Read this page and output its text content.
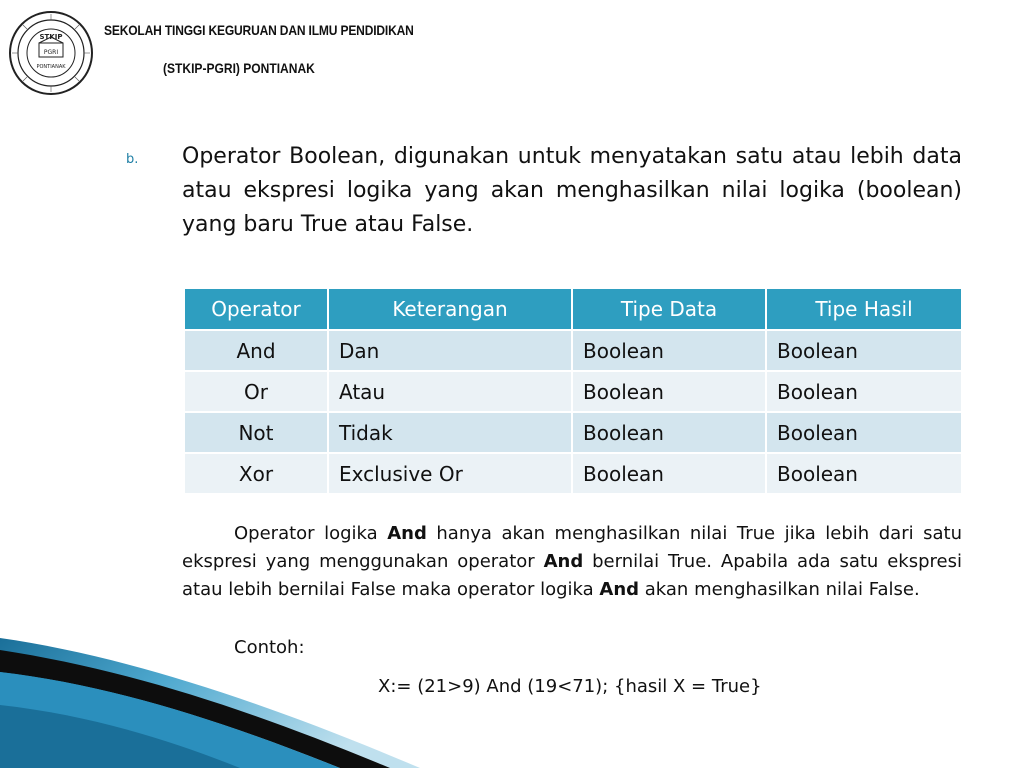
STKIP
PGRI
PONTIANAK
SEKOLAH TINGGI KEGURUAN DAN ILMU PENDIDIKAN
(STKIP-PGRI) PONTIANAK
b. Operator Boolean, digunakan untuk menyatakan satu atau lebih data atau ekspresi logika yang akan menghasilkan nilai logika (boolean) yang baru True atau False.

Operator	Keterangan	Tipe Data	Tipe Hasil
And	Dan	Boolean	Boolean
Or	Atau	Boolean	Boolean
Not	Tidak	Boolean	Boolean
Xor	Exclusive Or	Boolean	Boolean

Operator logika And hanya akan menghasilkan nilai True jika lebih dari satu ekspresi yang menggunakan operator And bernilai True. Apabila ada satu ekspresi atau lebih bernilai False maka operator logika And akan menghasilkan nilai False.

Contoh:
X:= (21>9) And (19<71); {hasil X = True}
